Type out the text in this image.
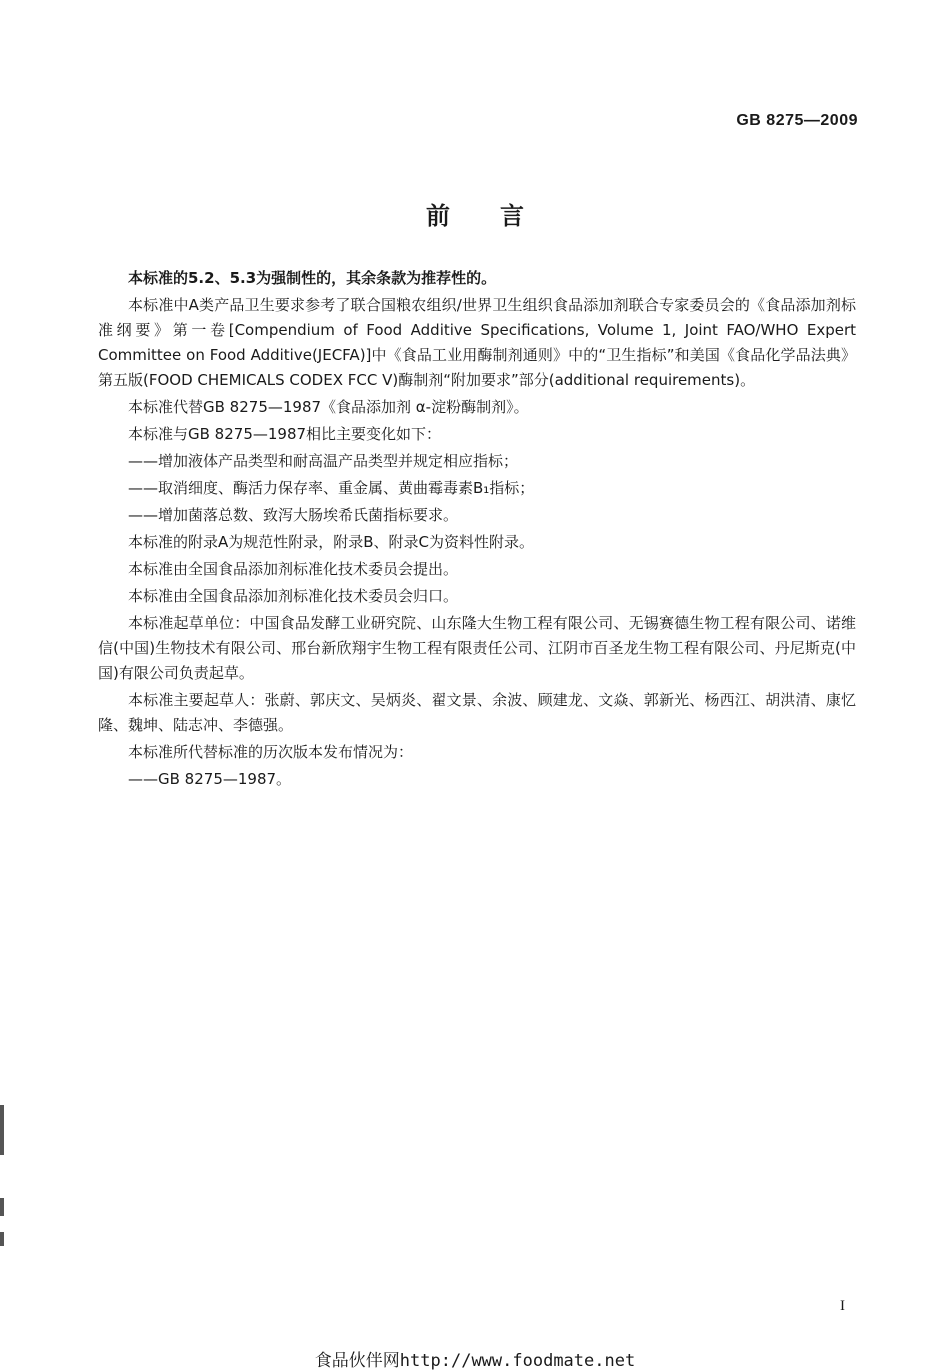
GB 8275—2009
前言

本标准的5.2、5.3为强制性的，其余条款为推荐性的。

本标准中A类产品卫生要求参考了联合国粮农组织/世界卫生组织食品添加剂联合专家委员会的《食品添加剂标准纲要》第一卷[Compendium of Food Additive Specifications, Volume 1, Joint FAO/WHO Expert Committee on Food Additive(JECFA)]中《食品工业用酶制剂通则》中的“卫生指标”和美国《食品化学品法典》第五版(FOOD CHEMICALS CODEX FCC V)酶制剂“附加要求”部分(additional requirements)。

本标准代替GB 8275—1987《食品添加剂 α-淀粉酶制剂》。

本标准与GB 8275—1987相比主要变化如下：

——增加液体产品类型和耐高温产品类型并规定相应指标；

——取消细度、酶活力保存率、重金属、黄曲霉毒素B₁指标；

——增加菌落总数、致泻大肠埃希氏菌指标要求。

本标准的附录A为规范性附录，附录B、附录C为资料性附录。

本标准由全国食品添加剂标准化技术委员会提出。

本标准由全国食品添加剂标准化技术委员会归口。

本标准起草单位：中国食品发酵工业研究院、山东隆大生物工程有限公司、无锡赛德生物工程有限公司、诺维信(中国)生物技术有限公司、邢台新欣翔宇生物工程有限责任公司、江阴市百圣龙生物工程有限公司、丹尼斯克(中国)有限公司负责起草。

本标准主要起草人：张蔚、郭庆文、吴炳炎、翟文景、余波、顾建龙、文焱、郭新光、杨西江、胡洪清、康忆隆、魏坤、陆志冲、李德强。

本标准所代替标准的历次版本发布情况为：

——GB 8275—1987。

I
食品伙伴网http://www.foodmate.net
